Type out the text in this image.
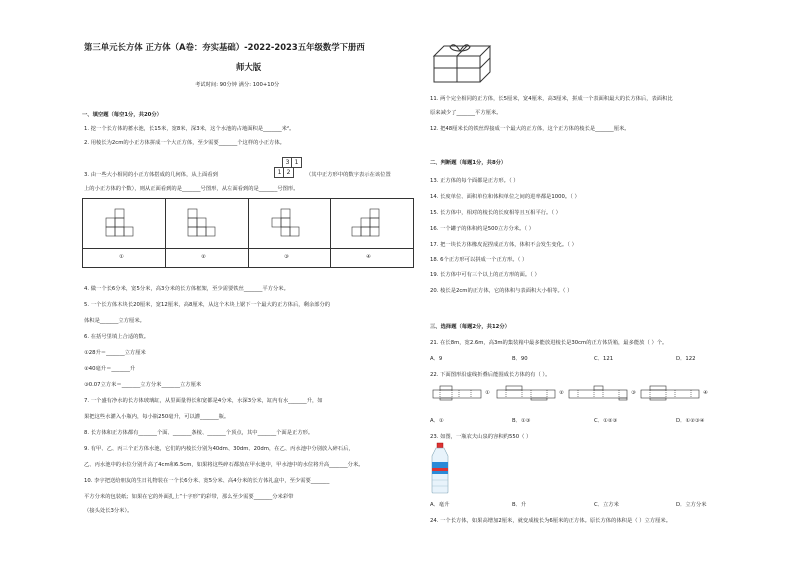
第三单元长方体 正方体（A卷：夯实基础）-2022-2023五年级数学下册西
师大版
考试时间: 90分钟 满分: 100+10分
一、填空题（每空1分，共20分）
1. 挖一个长方体的蓄水池，长15米，宽8米，深3米，这个水池的占地面积是_______米²。
2. 用棱长为2cm的小正方体拼成一个大正方体，至少需要_______个这样的小正方体。
3 1
1 2
3. 由一些大小相同的小正方体搭成的几何体，从上面看到	（其中正方形中的数字表示在该位置
上的小正方体的个数），则从正面看到的是_______号图形，从左面看到的是_______号图形。
①	②	③	④
4. 做一个长6分米，宽5分米，高3分米的长方体框架，至少需要铁丝_______平方分米。
5. 一个长方体木块长20厘米，宽12厘米，高8厘米，从这个木块上锯下一个最大的正方体后，剩余部分的
体积是_______立方厘米。
6. 在括号里填上合适的数。
①28升＝_______立方厘米
②40毫升＝_______升
③0.07立方米＝_______立方分米_______立方厘米
7. 一个盛有净水的长方体玻璃缸，从里面量得长和宽都是4分米，水深3分米，缸内有水_______升，如
果把这些水灌入小瓶内，每小瓶250毫升，可以灌_______瓶。
8. 长方体和正方体都有_______个面、_______条棱、_______个顶点，其中_______个面是正方形。
9. 有甲、乙、丙三个正方体水池，它们的内棱长分别为40dm、30dm、20dm，在乙、丙水池中分别放入碎石后，
乙、丙水池中的水位分别升高了4cm和6.5cm，如果将这些碎石都放在甲水池中，甲水池中的水位将升高_______分米。
10. 李宇把送给朋友的生日礼物装在一个长6分米、宽5分米、高4分米的长方体礼盒中，至少需要_______
平方分米的包装纸；如果在它的外面扎上“十字形”的彩带，那么至少需要_______分米彩带
（接头处长3分米）。
11. 两个完全相同的正方体，长5厘米，宽4厘米，高3厘米，拼成一个表面积最大的长方体后，表面积比
原来减少了_______平方厘米。
12. 把48厘米长的铁丝焊接成一个最大的正方体，这个正方体的棱长是_______厘米。
二、判断题（每题1分，共8分）
13. 正方体的每个面都是正方形。（ ）
14. 长度单位、面积单位和体积单位之间的进率都是1000。（ ）
15. 长方体中，相对的棱长的长度相等且互相平行。（ ）
16. 一个罐子的体积约是500立方分米。（ ）
17. 把一块长方体橡皮泥捏成正方体，体积不会发生变化。（ ）
18. 6个正方形可以拼成一个正方形。（ ）
19. 长方体中可有三个以上的正方形的面。（ ）
20. 棱长是2cm的正方体，它的体积与表面积大小相等。（ ）
三、选择题（每题2分，共12分）
21. 在长8m，宽2.6m，高3m的集装箱中最多能放进棱长是30cm的正方体货箱，最多能放（ ）个。
A．9	B．90	C．121	D．122
22. 下面图形沿虚线折叠后能围成长方体的有（ ）。
①	②	③	④
A．①	B．①③	C．①②③	D．①②③④
23. 如图，一瓶农夫山泉的容积约550（ ）
A．毫升	B．升	C．立方米	D．立方分米
24. 一个长方体，如果高增加2厘米，就变成棱长为6厘米的正方体。原长方体的体积是（ ）立方厘米。
